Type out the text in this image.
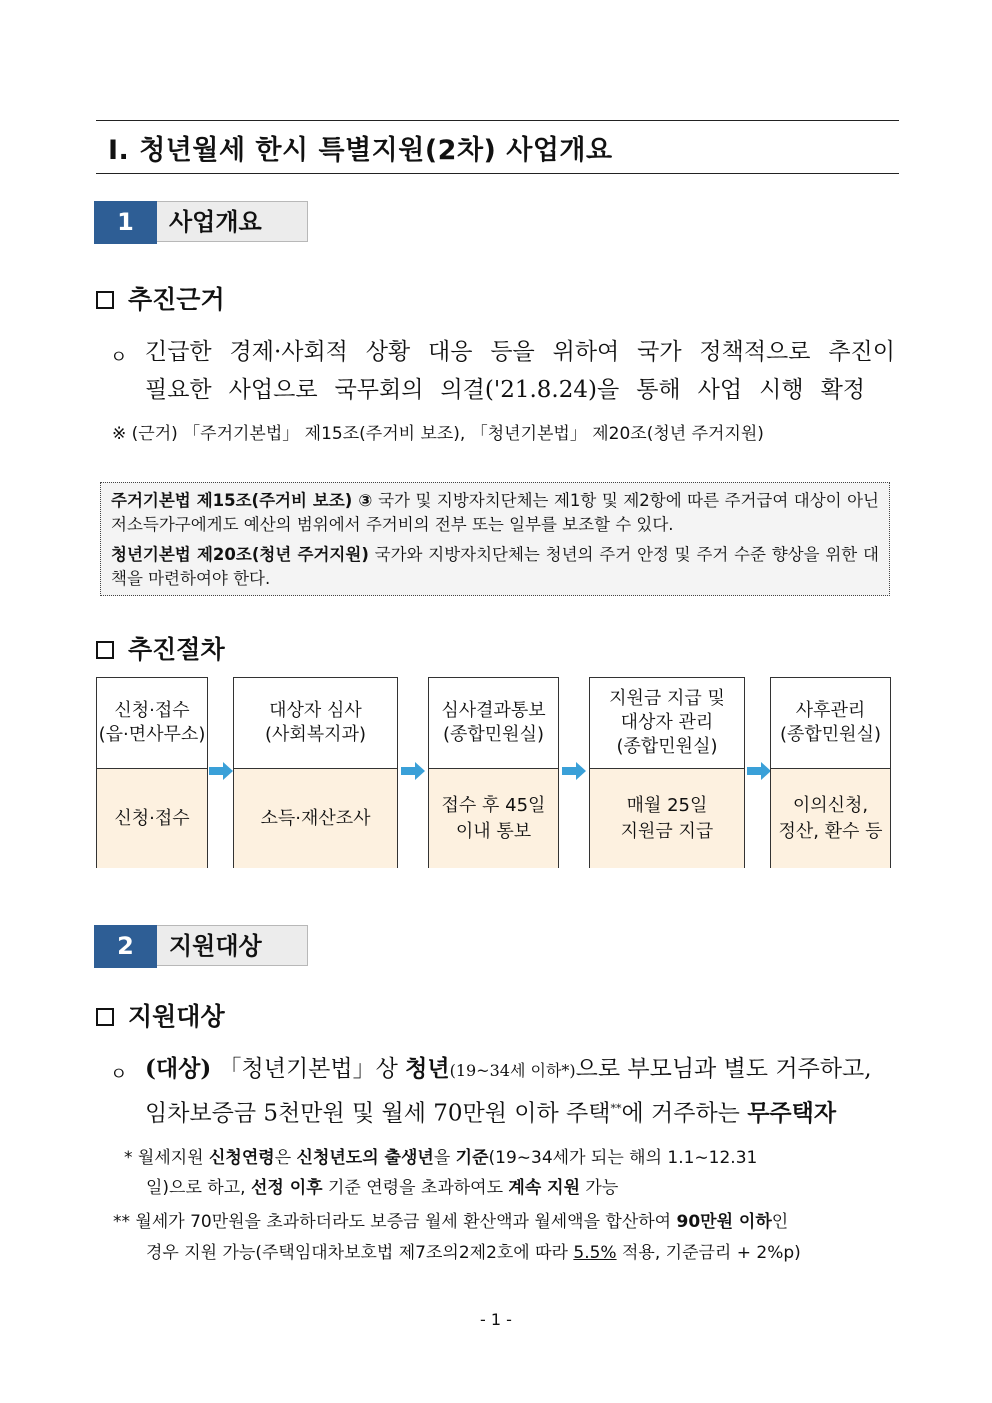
Ⅰ. 청년월세 한시 특별지원(2차) 사업개요
1	사업개요
추진근거
ㅇ 긴급한 경제·사회적 상황 대응 등을 위하여 국가 정책적으로 추진이
필요한 사업으로 국무회의 의결('21.8.24)을 통해 사업 시행 확정
※ (근거) 「주거기본법」 제15조(주거비 보조), 「청년기본법」 제20조(청년 주거지원)

주거기본법 제15조(주거비 보조) ③ 국가 및 지방자치단체는 제1항 및 제2항에 따른 주거급여 대상이 아닌 저소득가구에게도 예산의 범위에서 주거비의 전부 또는 일부를 보조할 수 있다.

청년기본법 제20조(청년 주거지원) 국가와 지방자치단체는 청년의 주거 안정 및 주거 수준 향상을 위한 대책을 마련하여야 한다.

추진절차
신청·접수
(읍·면사무소)
신청·접수
대상자 심사
(사회복지과)
소득·재산조사
심사결과통보
(종합민원실)
접수 후 45일
이내 통보
지원금 지급 및
대상자 관리
(종합민원실)
매월 25일
지원금 지급
사후관리
(종합민원실)
이의신청,
정산, 환수 등
2	지원대상
지원대상
ㅇ (대상) 「청년기본법」상 청년(19~34세 이하*)으로 부모님과 별도 거주하고,
임차보증금 5천만원 및 월세 70만원 이하 주택**에 거주하는 무주택자
* 월세지원 신청연령은 신청년도의 출생년을 기준(19∼34세가 되는 해의 1.1∼12.31
일)으로 하고, 선정 이후 기준 연령을 초과하여도 계속 지원 가능
** 월세가 70만원을 초과하더라도 보증금 월세 환산액과 월세액을 합산하여 90만원 이하인
경우 지원 가능(주택임대차보호법 제7조의2제2호에 따라 5.5% 적용, 기준금리 + 2%p)
- 1 -
